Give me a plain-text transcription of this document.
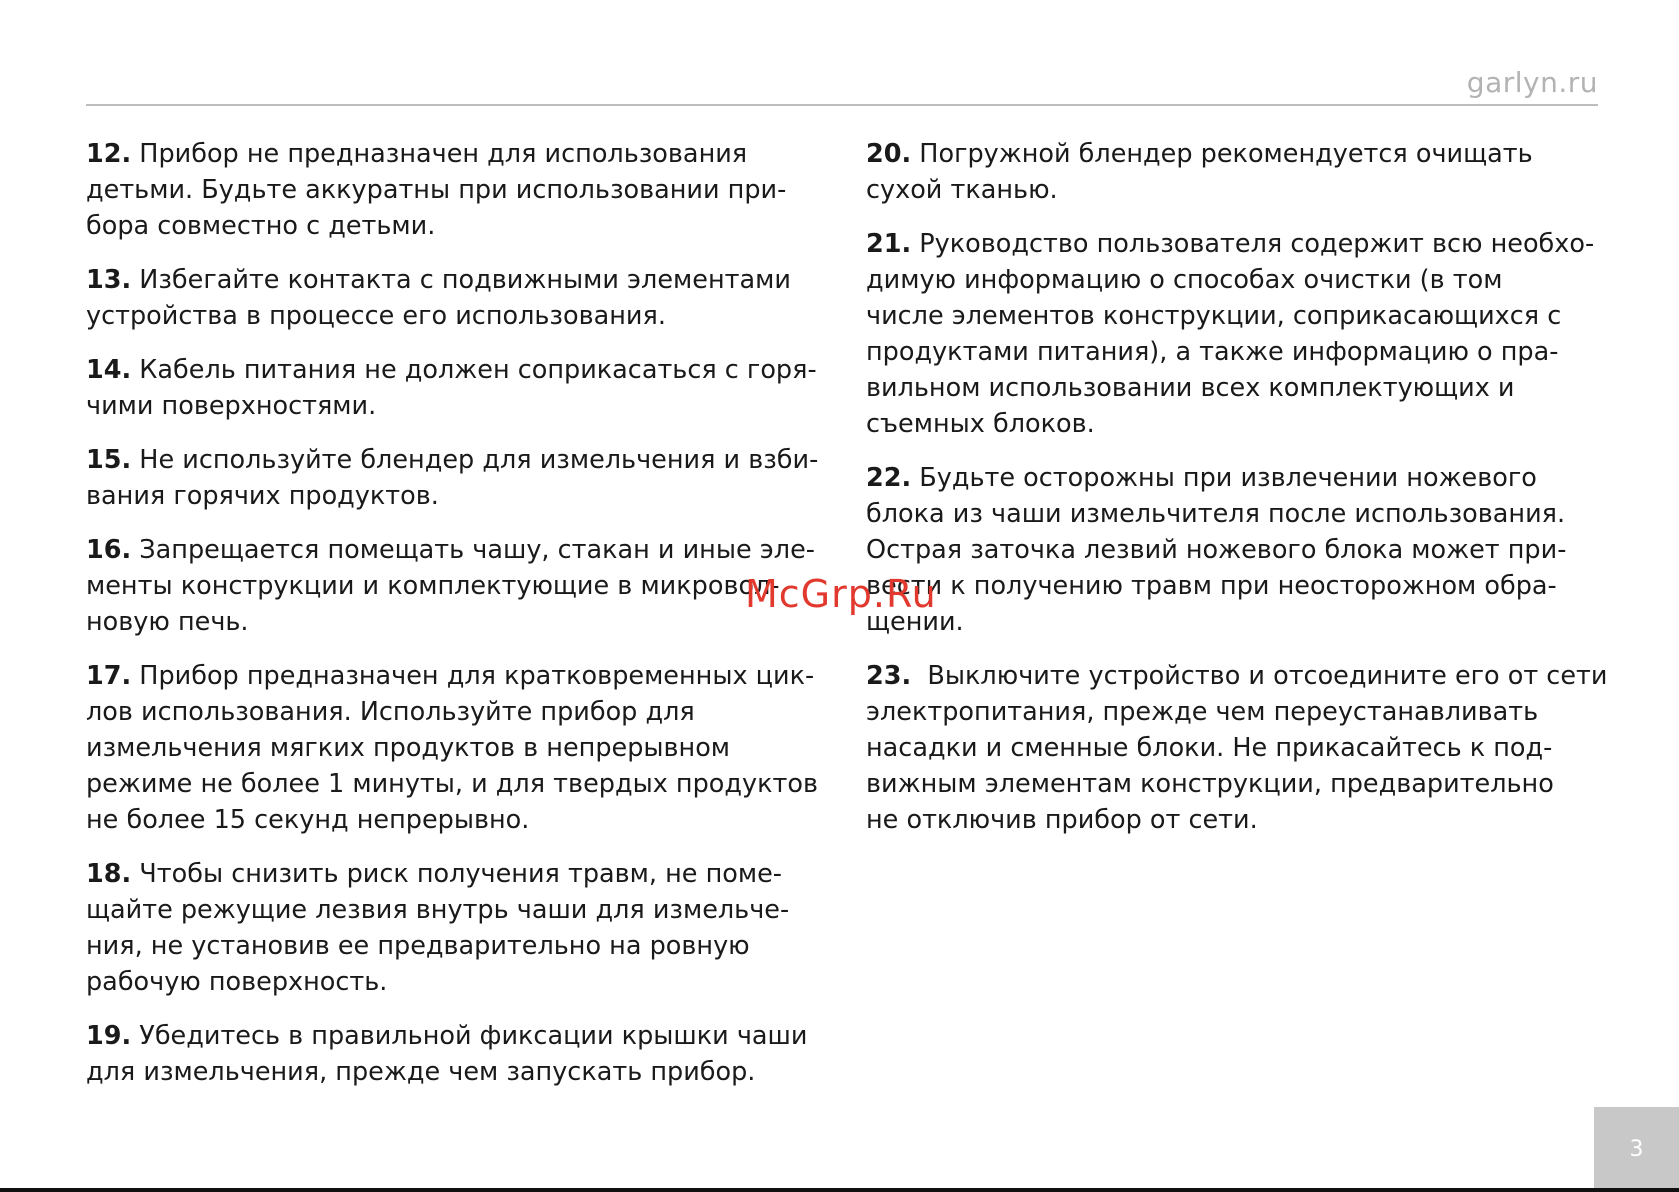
garlyn.ru
12. Прибор не предназначен для использования
детьми. Будьте аккуратны при использовании при-
бора совместно с детьми.
13. Избегайте контакта с подвижными элементами
устройства в процессе его использования.
14. Кабель питания не должен соприкасаться с горя-
чими поверхностями.
15. Не используйте блендер для измельчения и взби-
вания горячих продуктов.
16. Запрещается помещать чашу, стакан и иные эле-
менты конструкции и комплектующие в микровол-
новую печь.
17. Прибор предназначен для кратковременных цик-
лов использования. Используйте прибор для
измельчения мягких продуктов в непрерывном
режиме не более 1 минуты, и для твердых продуктов
не более 15 секунд непрерывно.
18. Чтобы снизить риск получения травм, не поме-
щайте режущие лезвия внутрь чаши для измельче-
ния, не установив ее предварительно на ровную
рабочую поверхность.
19. Убедитесь в правильной фиксации крышки чаши
для измельчения, прежде чем запускать прибор.
20. Погружной блендер рекомендуется очищать
сухой тканью.
21. Руководство пользователя содержит всю необхо-
димую информацию о способах очистки (в том
числе элементов конструкции, соприкасающихся с
продуктами питания), а также информацию о пра-
вильном использовании всех комплектующих и
съемных блоков.
22. Будьте осторожны при извлечении ножевого
блока из чаши измельчителя после использования.
Острая заточка лезвий ножевого блока может при-
вести к получению травм при неосторожном обра-
щении.
23.  Выключите устройство и отсоедините его от сети
электропитания, прежде чем переустанавливать
насадки и сменные блоки. Не прикасайтесь к под-
вижным элементам конструкции, предварительно
не отключив прибор от сети.
McGrp.Ru
3
